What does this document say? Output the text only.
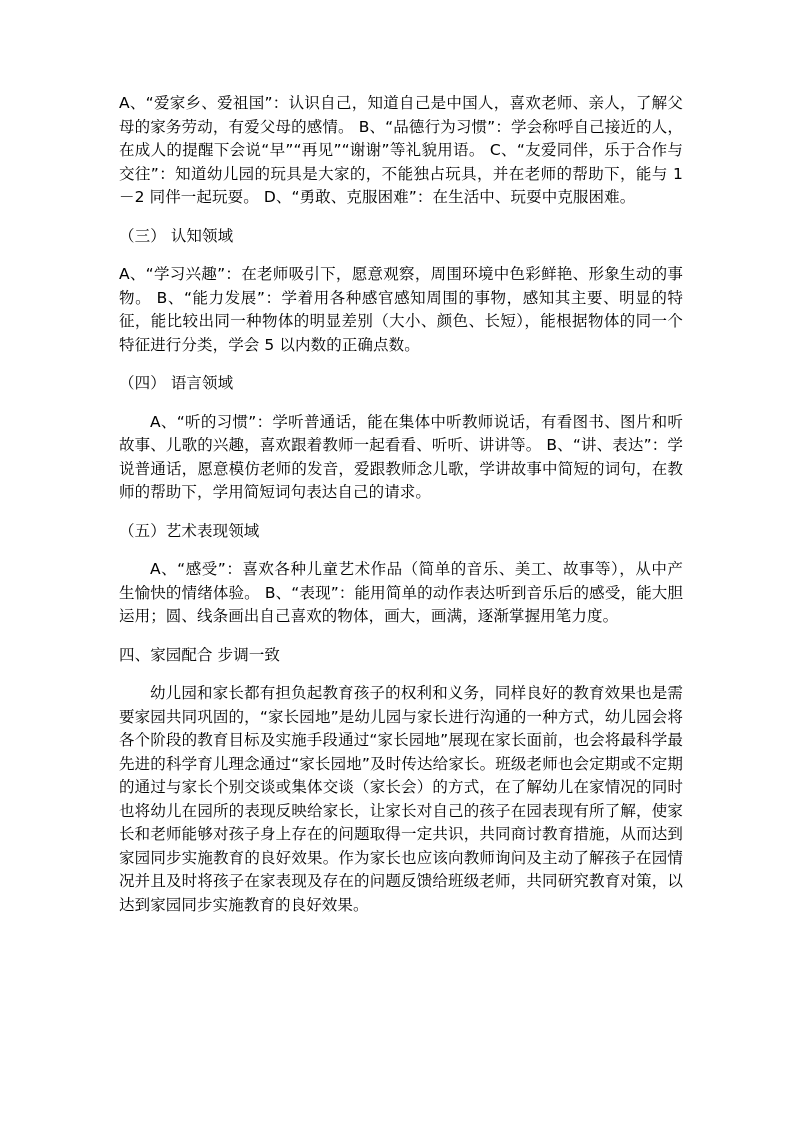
A、“爱家乡、爱祖国”：认识自己，知道自己是中国人，喜欢老师、亲人，了解父母的家务劳动，有爱父母的感情。 B、“品德行为习惯”：学会称呼自己接近的人，在成人的提醒下会说“早”“再见”“谢谢”等礼貌用语。 C、“友爱同伴，乐于合作与交往”：知道幼儿园的玩具是大家的，不能独占玩具，并在老师的帮助下，能与 1－2 同伴一起玩耍。 D、“勇敢、克服困难”：在生活中、玩耍中克服困难。

（三） 认知领域

A、“学习兴趣”：在老师吸引下，愿意观察，周围环境中色彩鲜艳、形象生动的事物。 B、“能力发展”：学着用各种感官感知周围的事物，感知其主要、明显的特征，能比较出同一种物体的明显差别（大小、颜色、长短），能根据物体的同一个特征进行分类，学会 5 以内数的正确点数。

（四） 语言领域

A、“听的习惯”：学听普通话，能在集体中听教师说话，有看图书、图片和听故事、儿歌的兴趣，喜欢跟着教师一起看看、听听、讲讲等。 B、“讲、表达”：学说普通话，愿意模仿老师的发音，爱跟教师念儿歌，学讲故事中简短的词句，在教师的帮助下，学用简短词句表达自己的请求。

（五）艺术表现领域

A、“感受”：喜欢各种儿童艺术作品（简单的音乐、美工、故事等），从中产生愉快的情绪体验。 B、“表现”：能用简单的动作表达听到音乐后的感受，能大胆运用；圆、线条画出自己喜欢的物体，画大，画满，逐渐掌握用笔力度。

四、家园配合 步调一致

幼儿园和家长都有担负起教育孩子的权利和义务，同样良好的教育效果也是需要家园共同巩固的，“家长园地”是幼儿园与家长进行沟通的一种方式，幼儿园会将各个阶段的教育目标及实施手段通过“家长园地”展现在家长面前，也会将最科学最先进的科学育儿理念通过“家长园地”及时传达给家长。班级老师也会定期或不定期的通过与家长个别交谈或集体交谈（家长会）的方式，在了解幼儿在家情况的同时也将幼儿在园所的表现反映给家长，让家长对自己的孩子在园表现有所了解，使家长和老师能够对孩子身上存在的问题取得一定共识，共同商讨教育措施，从而达到家园同步实施教育的良好效果。作为家长也应该向教师询问及主动了解孩子在园情况并且及时将孩子在家表现及存在的问题反馈给班级老师，共同研究教育对策，以达到家园同步实施教育的良好效果。
